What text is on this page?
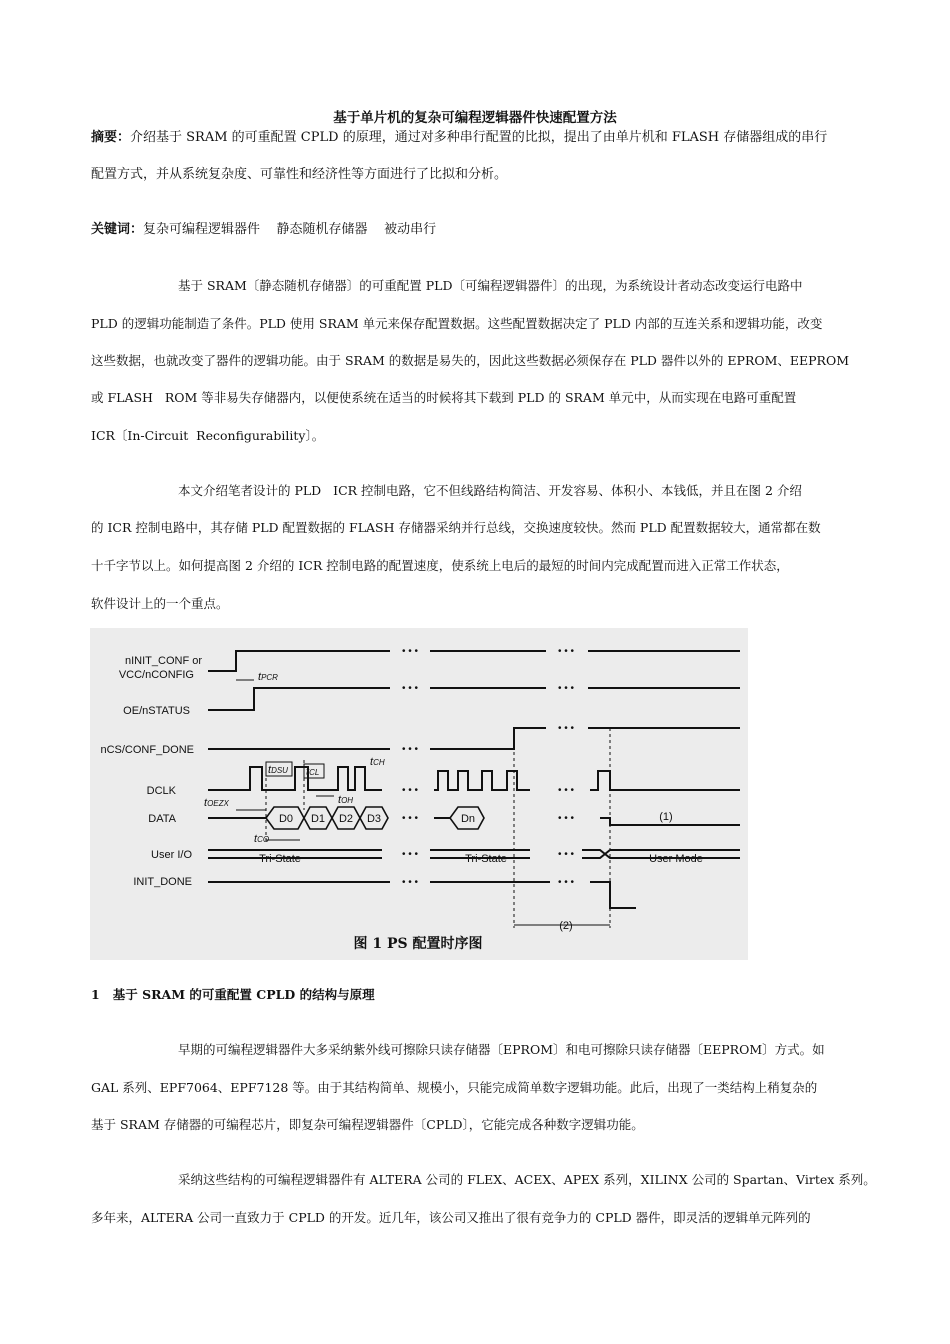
基于单片机的复杂可编程逻辑器件快速配置方法
摘要：介绍基于 SRAM 的可重配置 CPLD 的原理，通过对多种串行配置的比拟，提出了由单片机和 FLASH 存储器组成的串行
配置方式，并从系统复杂度、可靠性和经济性等方面进行了比拟和分析。
关键词：复杂可编程逻辑器件    静态随机存储器    被动串行
基于 SRAM〔静态随机存储器〕的可重配置 PLD〔可编程逻辑器件〕的出现，为系统设计者动态改变运行电路中
PLD 的逻辑功能制造了条件。PLD 使用 SRAM 单元来保存配置数据。这些配置数据决定了 PLD 内部的互连关系和逻辑功能，改变
这些数据，也就改变了器件的逻辑功能。由于 SRAM 的数据是易失的，因此这些数据必须保存在 PLD 器件以外的 EPROM、EEPROM
或 FLASH   ROM 等非易失存储器内，以便使系统在适当的时候将其下载到 PLD 的 SRAM 单元中，从而实现在电路可重配置
ICR〔In-Circuit  Reconfigurability〕。
本文介绍笔者设计的 PLD   ICR 控制电路，它不但线路结构简洁、开发容易、体积小、本钱低，并且在图 2 介绍
的 ICR 控制电路中，其存储 PLD 配置数据的 FLASH 存储器采纳并行总线，交换速度较快。然而 PLD 配置数据较大，通常都在数
十千字节以上。如何提高图 2 介绍的 ICR 控制电路的配置速度，使系统上电后的最短的时间内完成配置而进入正常工作状态，
软件设计上的一个重点。
nINIT_CONF or
VCC/nCONFIG
OE/nSTATUS
nCS/CONF_DONE
DCLK
DATA
User I/O
INIT_DONE
tPCR
tDSU tCL
tCH
tOEZX	tOH
tCO
D0 D1 D2 D3	Dn
Tri-State	Tri-State	User Mode
(1)
(2)
• • •	• • •
• • •	• • •
• • •
• • •
• • •	• • •
• • •	• • •
• • •	• • •
• • •	• • •
图 1 PS 配置时序图
1   基于 SRAM 的可重配置 CPLD 的结构与原理
早期的可编程逻辑器件大多采纳紫外线可擦除只读存储器〔EPROM〕和电可擦除只读存储器〔EEPROM〕方式。如
GAL 系列、EPF7064、EPF7128 等。由于其结构简单、规模小，只能完成简单数字逻辑功能。此后，出现了一类结构上稍复杂的
基于 SRAM 存储器的可编程芯片，即复杂可编程逻辑器件〔CPLD〕，它能完成各种数字逻辑功能。
采纳这些结构的可编程逻辑器件有 ALTERA 公司的 FLEX、ACEX、APEX 系列，XILINX 公司的 Spartan、Virtex 系列。
多年来，ALTERA 公司一直致力于 CPLD 的开发。近几年，该公司又推出了很有竞争力的 CPLD 器件，即灵活的逻辑单元阵列的
